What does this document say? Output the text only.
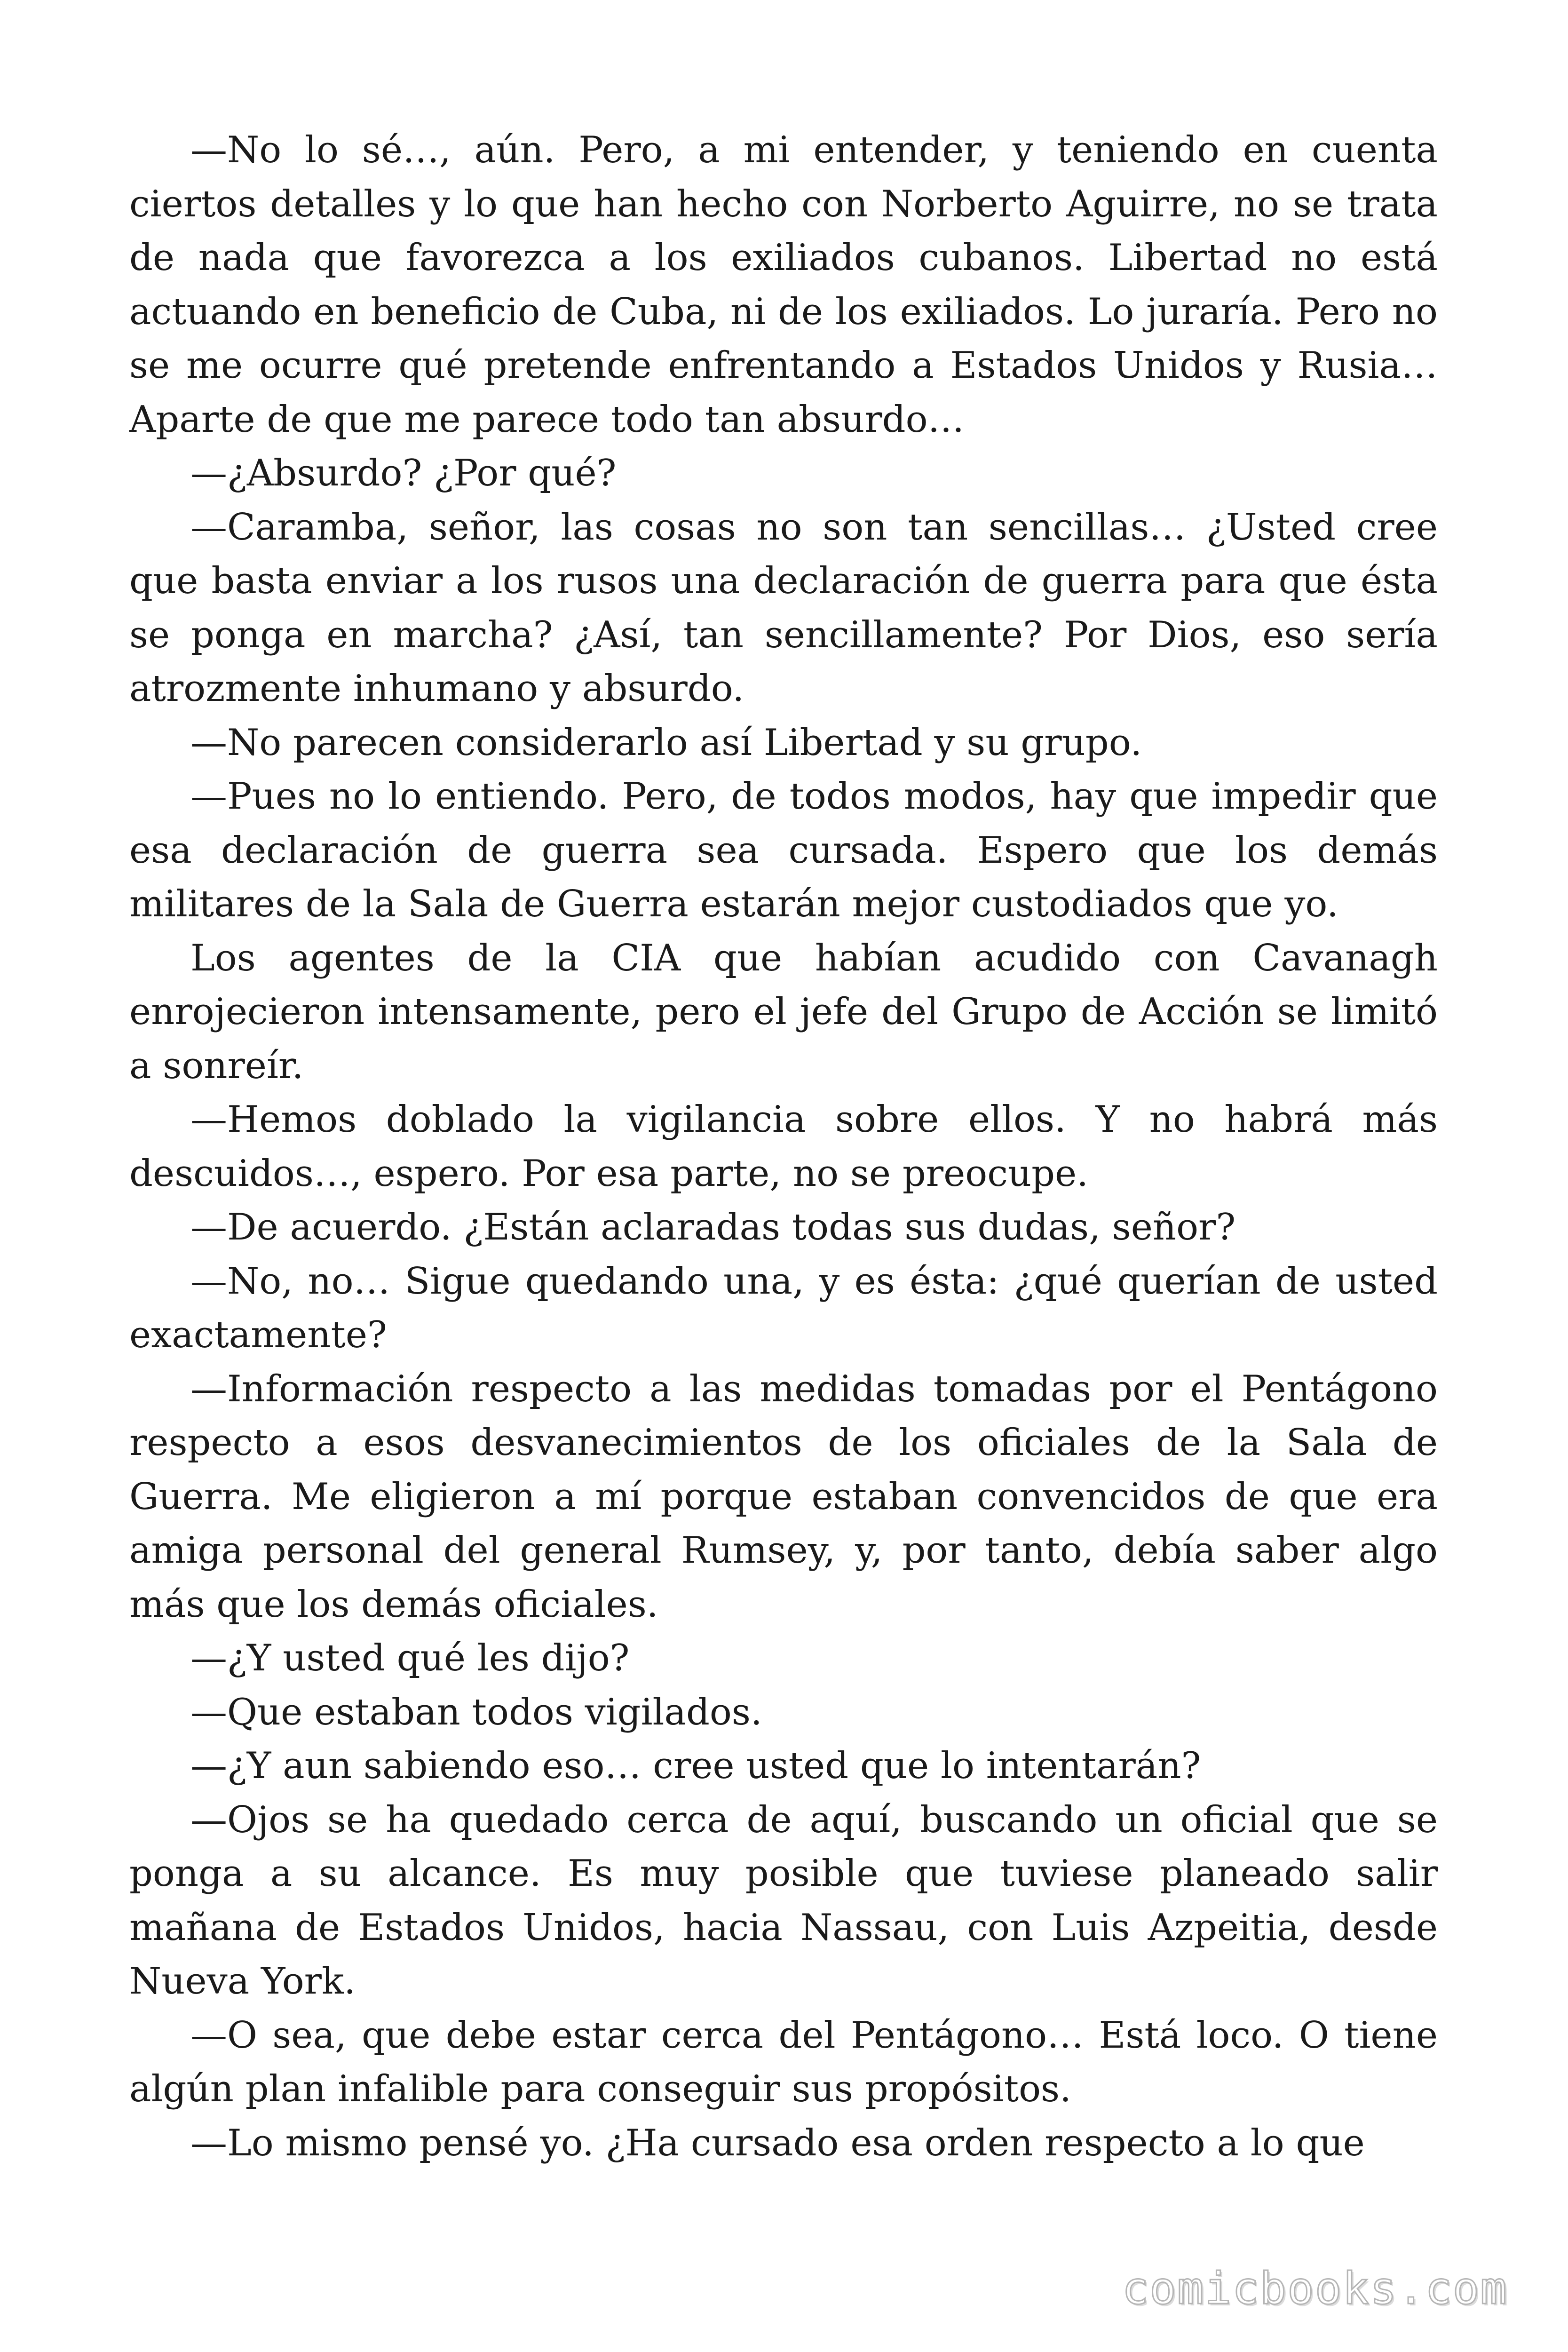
—No lo sé…, aún. Pero, a mi entender, y teniendo en cuenta ciertos detalles y lo que han hecho con Norberto Aguirre, no se trata de nada que favorezca a los exiliados cubanos. Libertad no está actuando en beneficio de Cuba, ni de los exiliados. Lo juraría. Pero no se me ocurre qué pretende enfrentando a Estados Unidos y Rusia… Aparte de que me parece todo tan absurdo…

—¿Absurdo? ¿Por qué?

—Caramba, señor, las cosas no son tan sencillas… ¿Usted cree que basta enviar a los rusos una declaración de guerra para que ésta se ponga en marcha? ¿Así, tan sencillamente? Por Dios, eso sería atrozmente inhumano y absurdo.

—No parecen considerarlo así Libertad y su grupo.

—Pues no lo entiendo. Pero, de todos modos, hay que impedir que esa declaración de guerra sea cursada. Espero que los demás militares de la Sala de Guerra estarán mejor custodiados que yo.

Los agentes de la CIA que habían acudido con Cavanagh enrojecieron intensamente, pero el jefe del Grupo de Acción se limitó a sonreír.

—Hemos doblado la vigilancia sobre ellos. Y no habrá más descuidos…, espero. Por esa parte, no se preocupe.

—De acuerdo. ¿Están aclaradas todas sus dudas, señor?

—No, no… Sigue quedando una, y es ésta: ¿qué querían de usted exactamente?

—Información respecto a las medidas tomadas por el Pentágono respecto a esos desvanecimientos de los oficiales de la Sala de Guerra. Me eligieron a mí porque estaban convencidos de que era amiga personal del general Rumsey, y, por tanto, debía saber algo más que los demás oficiales.

—¿Y usted qué les dijo?

—Que estaban todos vigilados.

—¿Y aun sabiendo eso… cree usted que lo intentarán?

—Ojos se ha quedado cerca de aquí, buscando un oficial que se ponga a su alcance. Es muy posible que tuviese planeado salir mañana de Estados Unidos, hacia Nassau, con Luis Azpeitia, desde Nueva York.

—O sea, que debe estar cerca del Pentágono… Está loco. O tiene algún plan infalible para conseguir sus propósitos.

—Lo mismo pensé yo. ¿Ha cursado esa orden respecto a lo que

comicbooks.com
